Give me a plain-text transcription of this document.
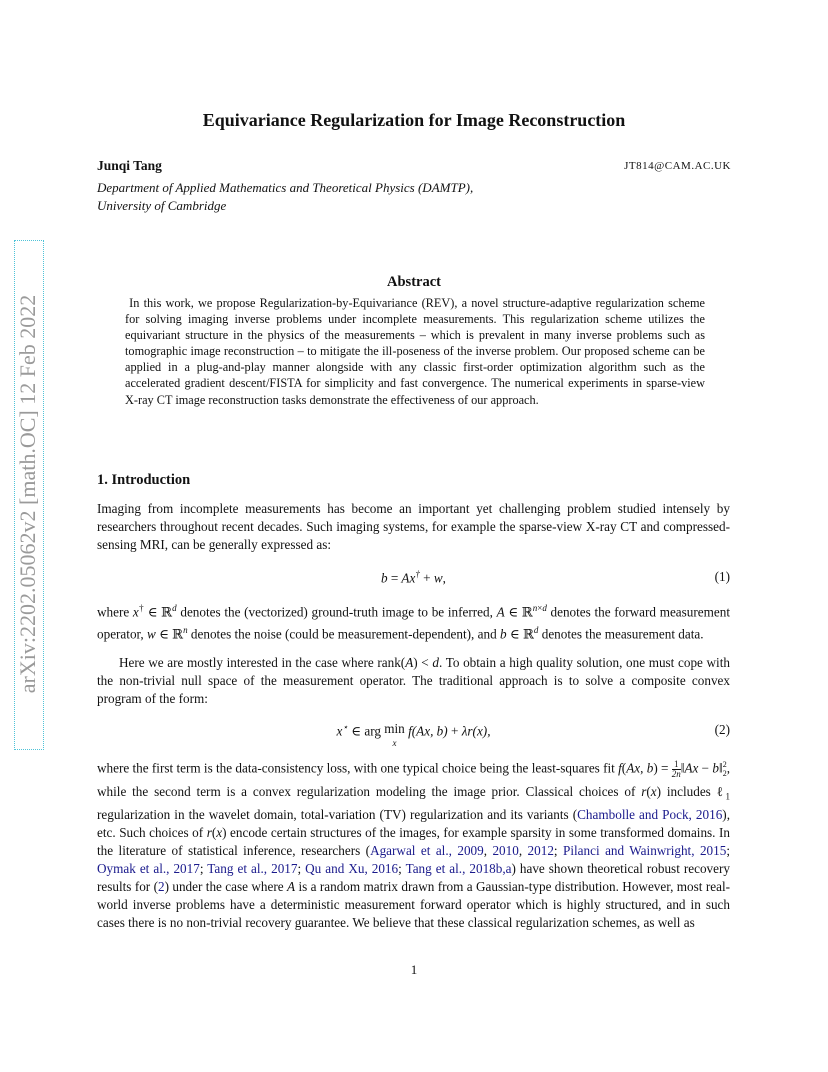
arXiv:2202.05062v2 [math.OC] 12 Feb 2022
Equivariance Regularization for Image Reconstruction
Junqi Tang	JT814@CAM.AC.UK
Department of Applied Mathematics and Theoretical Physics (DAMTP),
University of Cambridge
Abstract
In this work, we propose Regularization-by-Equivariance (REV), a novel structure-adaptive regularization scheme for solving imaging inverse problems under incomplete measurements. This regularization scheme utilizes the equivariant structure in the physics of the measurements – which is prevalent in many inverse problems such as tomographic image reconstruction – to mitigate the ill-poseness of the inverse problem. Our proposed scheme can be applied in a plug-and-play manner alongside with any classic first-order optimization algorithm such as the accelerated gradient descent/FISTA for simplicity and fast convergence. The numerical experiments in sparse-view X-ray CT image reconstruction tasks demonstrate the effectiveness of our approach.
1. Introduction
Imaging from incomplete measurements has become an important yet challenging problem studied intensely by researchers throughout recent decades. Such imaging systems, for example the sparse-view X-ray CT and compressed-sensing MRI, can be generally expressed as:
b = Ax† + w,	(1)
where x† ∈ ℝ$^d$ denotes the (vectorized) ground-truth image to be inferred, A ∈ ℝ$^{n\times d}$ denotes the forward measurement operator, w ∈ ℝ$^n$ denotes the noise (could be measurement-dependent), and b ∈ ℝ$^d$ denotes the measurement data.
Here we are mostly interested in the case where rank(A) < d. To obtain a high quality solution, one must cope with the non-trivial null space of the measurement operator. The traditional approach is to solve a composite convex program of the form:
x⋆ ∈ arg min
x f(Ax, b) + λr(x),	(2)
where the first term is the data-consistency loss, with one typical choice being the least-squares fit f(Ax, $b) = \frac{1}{2n}$ ‖Ax − b‖$^2_2$, while the second term is a convex regularization modeling the image prior. Classical choices of r(x) includes ℓ$_1$ regularization in the wavelet domain, total-variation (TV) regularization and its variants (Chambolle and Pock, 2016), etc. Such choices of r(x) encode certain structures of the images, for example sparsity in some transformed domains. In the literature of statistical inference, researchers (Agarwal et al., 2009, 2010, 2012; Pilanci and Wainwright, 2015; Oymak et al., 2017; Tang et al., 2017; Qu and Xu, 2016; Tang et al., 2018b,a) have shown theoretical robust recovery results for (2) under the case where A is a random matrix drawn from a Gaussian-type distribution. However, most real-world inverse problems have a deterministic measurement forward operator which is highly structured, and in such cases there is no non-trivial recovery guarantee. We believe that these classical regularization schemes, as well as
1
